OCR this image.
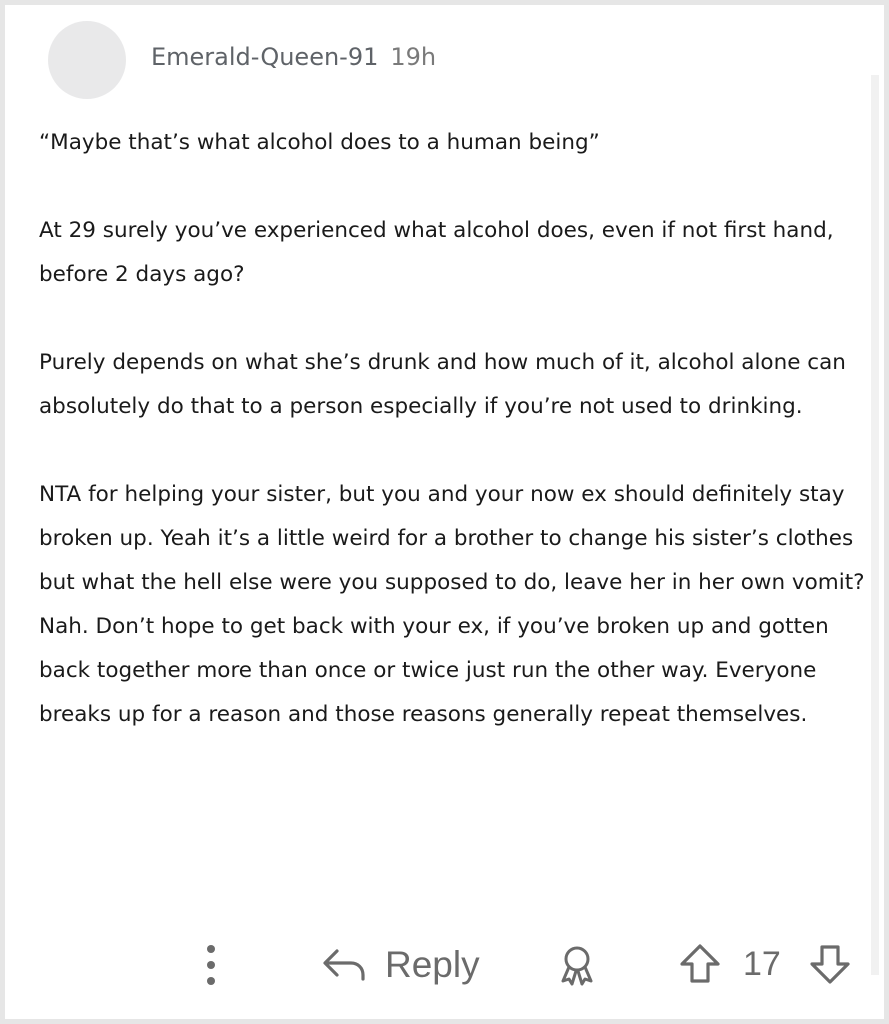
Emerald-Queen-91 19h

“Maybe that’s what alcohol does to a human being”

At 29 surely you’ve experienced what alcohol does, even if not first hand, before 2 days ago?

Purely depends on what she’s drunk and how much of it, alcohol alone can absolutely do that to a person especially if you’re not used to drinking.

NTA for helping your sister, but you and your now ex should definitely stay broken up. Yeah it’s a little weird for a brother to change his sister’s clothes but what the hell else were you supposed to do, leave her in her own vomit? Nah. Don’t hope to get back with your ex, if you’ve broken up and gotten back together more than once or twice just run the other way. Everyone breaks up for a reason and those reasons generally repeat themselves.

Reply	17
